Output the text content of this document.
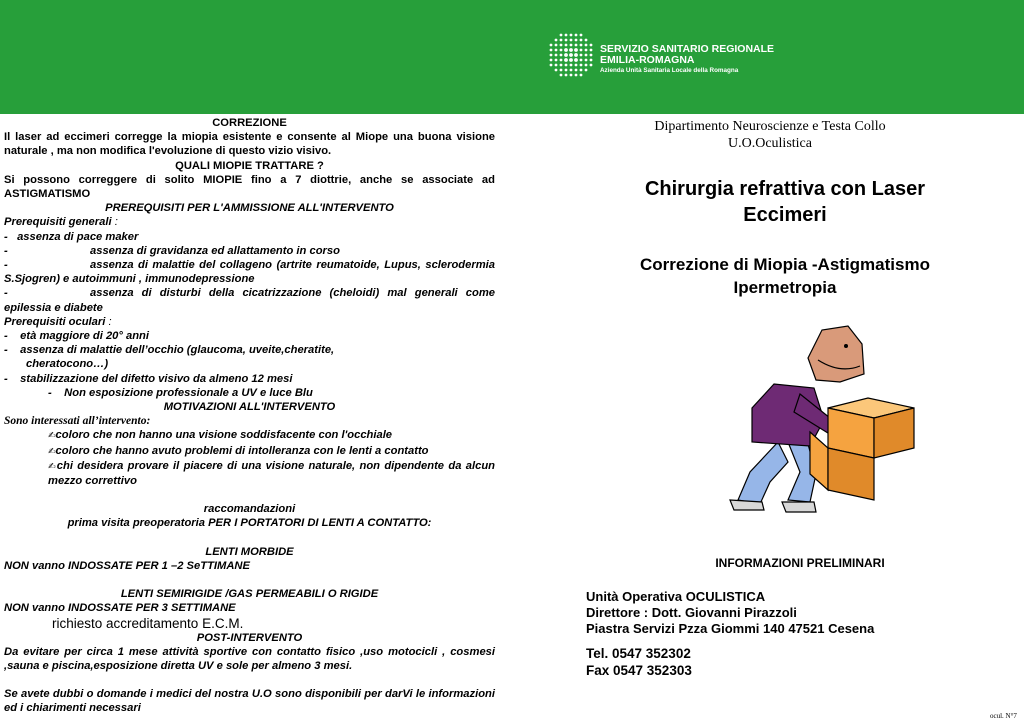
SERVIZIO SANITARIO REGIONALE
EMILIA-ROMAGNA
Azienda Unità Sanitaria Locale della Romagna
CORREZIONE
Il laser ad eccimeri corregge la miopia esistente e consente al Miope una buona visione naturale , ma non modifica l'evoluzione di questo vizio visivo.
QUALI MIOPIE TRATTARE ?
Si possono correggere di solito MIOPIE fino a 7 diottrie, anche se associate ad ASTIGMATISMO
PREREQUISITI PER L'AMMISSIONE ALL'INTERVENTO
Prerequisiti generali :
-   assenza di pace maker
-	assenza di gravidanza ed allattamento in corso
-	assenza di malattie del collageno (artrite reumatoide, Lupus, sclerodermia S.Sjogren) e autoimmuni , immunodepressione
-	assenza di disturbi della cicatrizzazione (cheloidi) mal generali come epilessia e diabete
Prerequisiti oculari :
-    età maggiore di 20° anni
-    assenza di malattie dell’occhio (glaucoma, uveite,cheratite,
cheratocono…)
-    stabilizzazione del difetto visivo da almeno 12 mesi
-    Non esposizione professionale a UV e luce Blu
MOTIVAZIONI ALL'INTERVENTO
Sono interessati all’intervento:
✍coloro che non hanno una visione soddisfacente con l'occhiale
✍coloro che hanno avuto problemi di intolleranza con le lenti a contatto
✍chi desidera provare il piacere di una visione naturale, non dipendente da alcun mezzo correttivo
raccomandazioni
prima visita preoperatoria PER I PORTATORI DI LENTI A CONTATTO:
LENTI MORBIDE
NON vanno INDOSSATE PER 1 –2 SeTTIMANE
LENTI SEMIRIGIDE /GAS PERMEABILI O RIGIDE
NON vanno INDOSSATE PER 3 SETTIMANE
richiesto accreditamento E.C.M.
POST-INTERVENTO
Da evitare per circa 1 mese attività sportive con contatto fisico ,uso motocicli , cosmesi ,sauna e piscina,esposizione diretta UV e sole per almeno 3 mesi.
Se avete dubbi o domande i medici del nostra U.O sono disponibili per darVi le informazioni ed i chiarimenti necessari
Dipartimento Neuroscienze e Testa Collo
U.O.Oculistica
Chirurgia refrattiva con Laser
Eccimeri
Correzione di Miopia -Astigmatismo
Ipermetropia
INFORMAZIONI PRELIMINARI
Unità Operativa OCULISTICA
Direttore : Dott. Giovanni Pirazzoli
Piastra Servizi Pzza Giommi 140 47521 Cesena
Tel. 0547 352302
Fax 0547 352303
ocul. N°7
